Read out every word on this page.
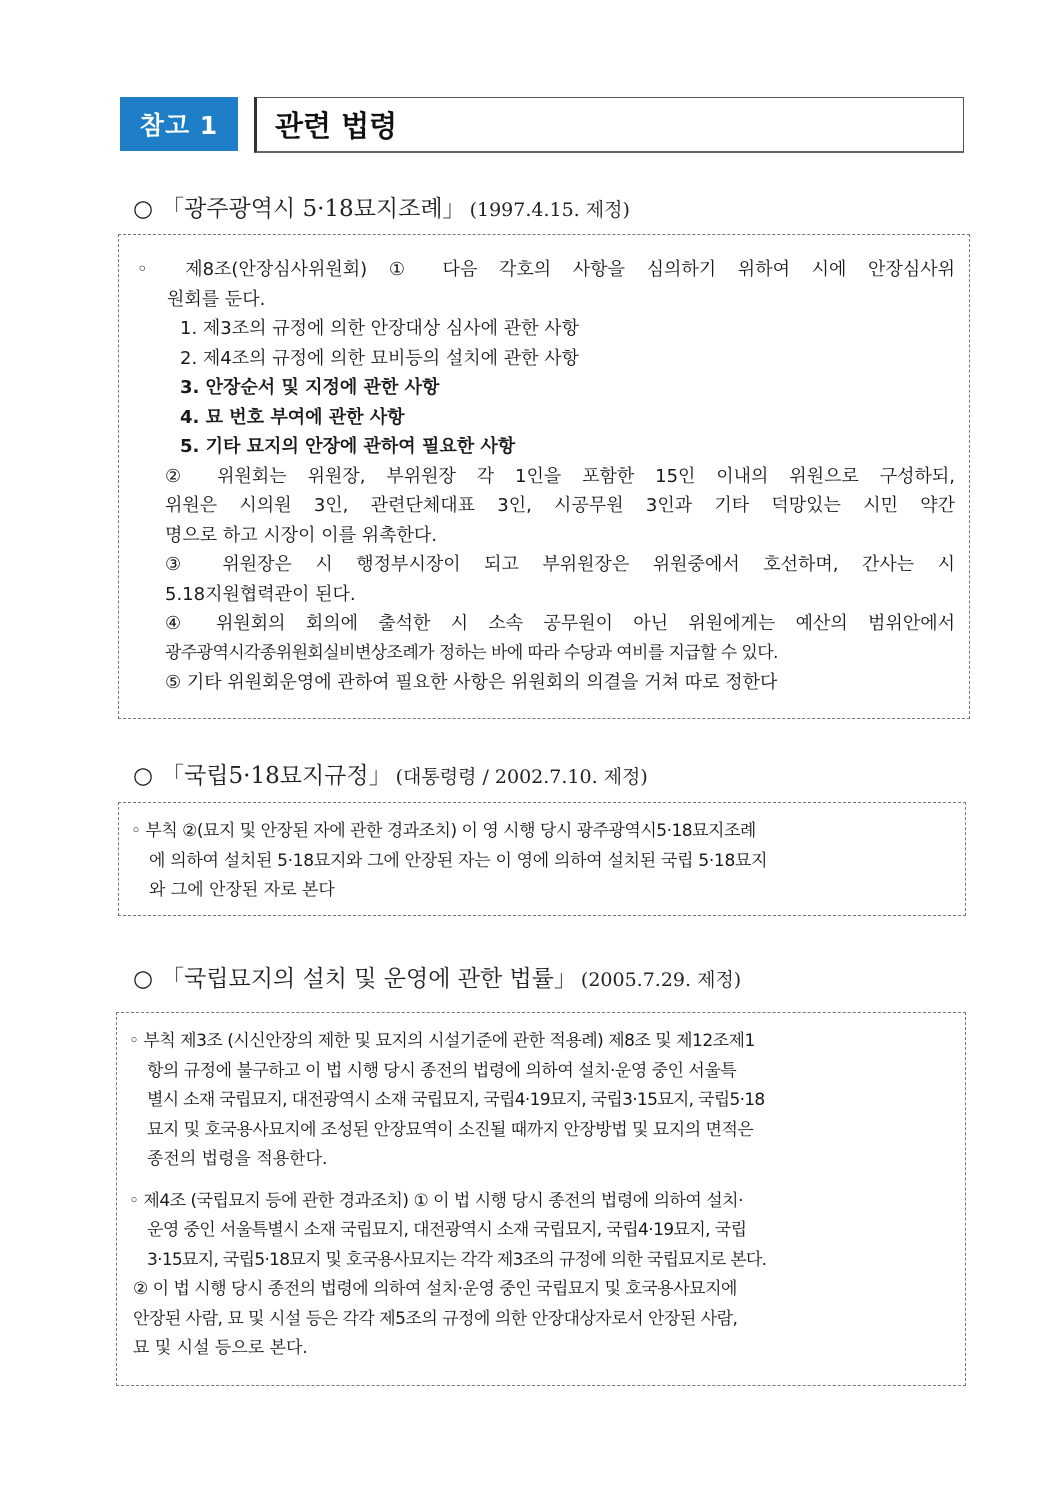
참고 1	관련 법령
○ 「광주광역시 5·18묘지조례」 (1997.4.15. 제정)
◦ 제8조(안장심사위원회) ① 다음 각호의 사항을 심의하기 위하여 시에 안장심사위
원회를 둔다.
1. 제3조의 규정에 의한 안장대상 심사에 관한 사항
2. 제4조의 규정에 의한 묘비등의 설치에 관한 사항
3. 안장순서 및 지정에 관한 사항
4. 묘 번호 부여에 관한 사항
5. 기타 묘지의 안장에 관하여 필요한 사항
② 위원회는 위원장, 부위원장 각 1인을 포함한 15인 이내의 위원으로 구성하되,
위원은 시의원 3인, 관련단체대표 3인, 시공무원 3인과 기타 덕망있는 시민 약간
명으로 하고 시장이 이를 위촉한다.
③ 위원장은 시 행정부시장이 되고 부위원장은 위원중에서 호선하며, 간사는 시
5.18지원협력관이 된다.
④ 위원회의 회의에 출석한 시 소속 공무원이 아닌 위원에게는 예산의 범위안에서
광주광역시각종위원회실비변상조례가 정하는 바에 따라 수당과 여비를 지급할 수 있다.
⑤ 기타 위원회운영에 관하여 필요한 사항은 위원회의 의결을 거쳐 따로 정한다
○ 「국립5·18묘지규정」 (대통령령 / 2002.7.10. 제정)
◦ 부칙 ②(묘지 및 안장된 자에 관한 경과조치) 이 영 시행 당시 광주광역시5·18묘지조례
에 의하여 설치된 5·18묘지와 그에 안장된 자는 이 영에 의하여 설치된 국립 5·18묘지
와 그에 안장된 자로 본다
○ 「국립묘지의 설치 및 운영에 관한 법률」 (2005.7.29. 제정)
◦ 부칙 제3조 (시신안장의 제한 및 묘지의 시설기준에 관한 적용례) 제8조 및 제12조제1
항의 규정에 불구하고 이 법 시행 당시 종전의 법령에 의하여 설치·운영 중인 서울특
별시 소재 국립묘지, 대전광역시 소재 국립묘지, 국립4·19묘지, 국립3·15묘지, 국립5·18
묘지 및 호국용사묘지에 조성된 안장묘역이 소진될 때까지 안장방법 및 묘지의 면적은
종전의 법령을 적용한다.
◦ 제4조 (국립묘지 등에 관한 경과조치) ① 이 법 시행 당시 종전의 법령에 의하여 설치·
운영 중인 서울특별시 소재 국립묘지, 대전광역시 소재 국립묘지, 국립4·19묘지, 국립
3·15묘지, 국립5·18묘지 및 호국용사묘지는 각각 제3조의 규정에 의한 국립묘지로 본다.
② 이 법 시행 당시 종전의 법령에 의하여 설치·운영 중인 국립묘지 및 호국용사묘지에
안장된 사람, 묘 및 시설 등은 각각 제5조의 규정에 의한 안장대상자로서 안장된 사람,
묘 및 시설 등으로 본다.
